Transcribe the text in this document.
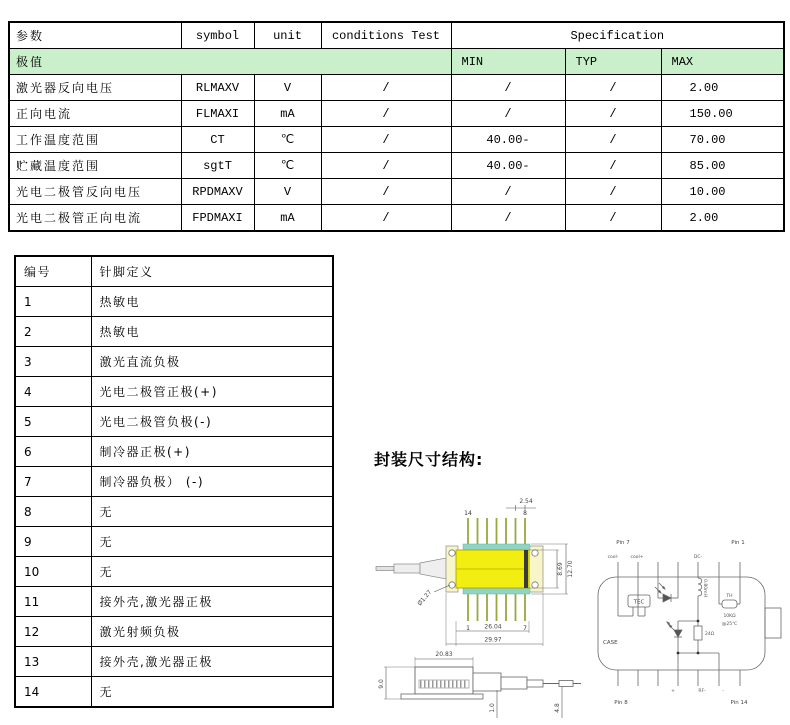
参数	symbol	unit	conditions Test	Specification		
极值				MIN	TYP	MAX
激光器反向电压	RLMAXV	V	/	/	/	2.00
正向电流	FLMAXI	mA	/	/	/	150.00
工作温度范围	CT	℃	/	40.00-	/	70.00
贮藏温度范围	sgtT	℃	/	40.00-	/	85.00
光电二极管反向电压	RPDMAXV	V	/	/	/	10.00
光电二极管正向电流	FPDMAXI	mA	/	/	/	2.00
编号	针脚定义
1	热敏电
2	热敏电
3	激光直流负极
4	光电二极管正极(+)
5	光电二极管负极(-)
6	制冷器正极(+)
7	制冷器负极） (-)
8	无
9	无
10	无
11	接外壳,激光器正极
12	激光射频负极
13	接外壳,激光器正极
14	无
封装尺寸结构:
14	8
1	7
2.54
26.04
29.97
8.69 12.70
Ø1.27
20.83
9.0
1.0	4.8
Pin 7	Pin 1
cool-	cool+	DC-
TEC
0.80mH	TH
10KΩ
@25℃
24Ω
CASE
+	RF-	-
Pin 8	Pin 14
